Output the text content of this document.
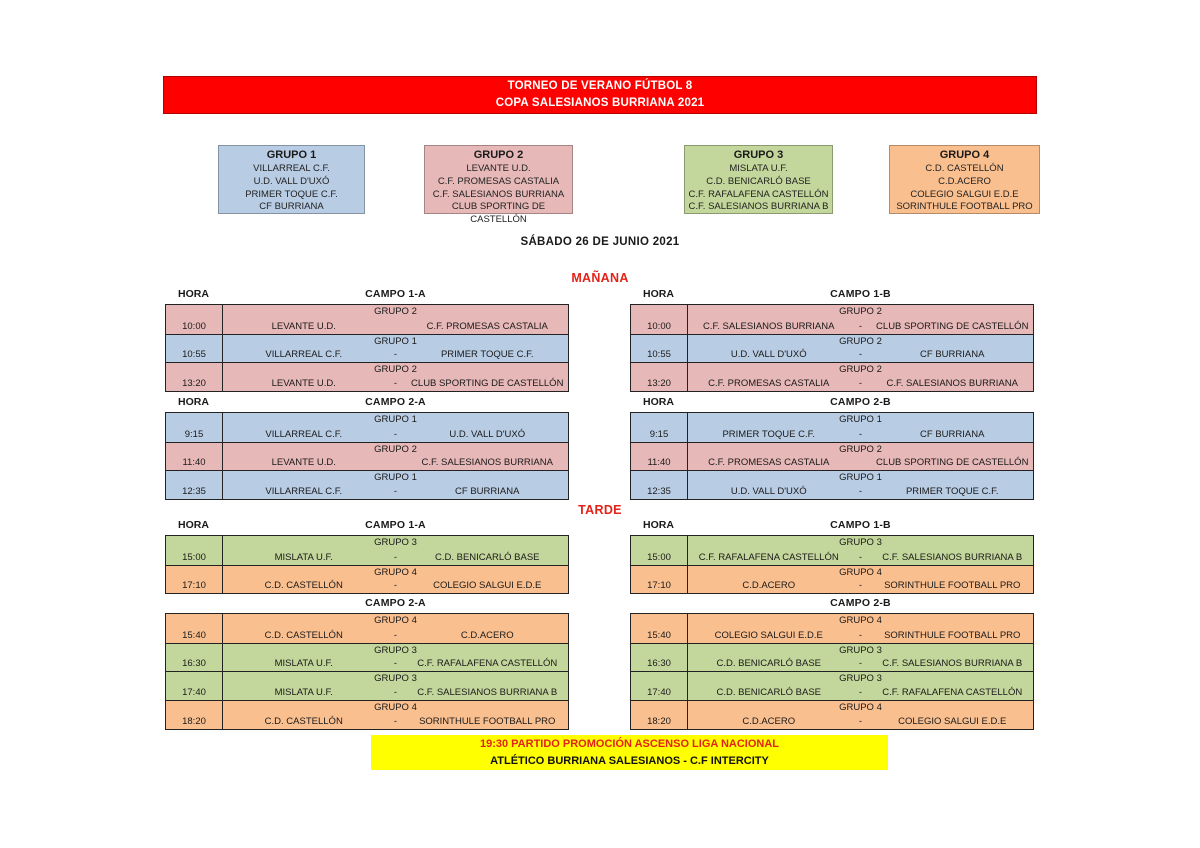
TORNEO DE VERANO FÚTBOL 8
COPA SALESIANOS BURRIANA 2021
GRUPO 1
VILLARREAL C.F.
U.D. VALL D'UXÓ
PRIMER TOQUE C.F.
CF BURRIANA
GRUPO 2
LEVANTE U.D.
C.F. PROMESAS CASTALIA
C.F. SALESIANOS BURRIANA
CLUB SPORTING DE CASTELLÓN
GRUPO 3
MISLATA U.F.
C.D. BENICARLÓ BASE
C.F. RAFALAFENA CASTELLÓN
C.F. SALESIANOS BURRIANA B
GRUPO 4
C.D. CASTELLÓN
C.D.ACERO
COLEGIO SALGUI E.D.E
SORINTHULE FOOTBALL PRO
SÁBADO 26 DE JUNIO 2021
MAÑANA
HORA	CAMPO 1-A
10:00
GRUPO 2
LEVANTE U.D.	C.F. PROMESAS CASTALIA
10:55
GRUPO 1
VILLARREAL C.F.	-	PRIMER TOQUE C.F.
13:20
GRUPO 2
LEVANTE U.D.	-	CLUB SPORTING DE CASTELLÓN
HORA	CAMPO 1-B
10:00
GRUPO 2
C.F. SALESIANOS BURRIANA	-	CLUB SPORTING DE CASTELLÓN
10:55
GRUPO 2
U.D. VALL D'UXÓ	-	CF BURRIANA
13:20
GRUPO 2
C.F. PROMESAS CASTALIA	-	C.F. SALESIANOS BURRIANA
HORA	CAMPO 2-A
9:15
GRUPO 1
VILLARREAL C.F.	-	U.D. VALL D'UXÓ
11:40
GRUPO 2
LEVANTE U.D.	C.F. SALESIANOS BURRIANA
12:35
GRUPO 1
VILLARREAL C.F.	-	CF BURRIANA
HORA	CAMPO 2-B
9:15
GRUPO 1
PRIMER TOQUE C.F.	-	CF BURRIANA
11:40
GRUPO 2
C.F. PROMESAS CASTALIA	CLUB SPORTING DE CASTELLÓN
12:35
GRUPO 1
U.D. VALL D'UXÓ	-	PRIMER TOQUE C.F.
TARDE
HORA	CAMPO 1-A
15:00
GRUPO 3
MISLATA U.F.	-	C.D. BENICARLÓ BASE
17:10
GRUPO 4
C.D. CASTELLÓN	-	COLEGIO SALGUI E.D.E
HORA	CAMPO 1-B
15:00
GRUPO 3
C.F. RAFALAFENA CASTELLÓN	-	C.F. SALESIANOS BURRIANA B
17:10
GRUPO 4
C.D.ACERO	-	SORINTHULE FOOTBALL PRO
CAMPO 2-A
15:40
GRUPO 4
C.D. CASTELLÓN	-	C.D.ACERO
16:30
GRUPO 3
MISLATA U.F.	-	C.F. RAFALAFENA CASTELLÓN
17:40
GRUPO 3
MISLATA U.F.	-	C.F. SALESIANOS BURRIANA B
18:20
GRUPO 4
C.D. CASTELLÓN	-	SORINTHULE FOOTBALL PRO
CAMPO 2-B
15:40
GRUPO 4
COLEGIO SALGUI E.D.E	-	SORINTHULE FOOTBALL PRO
16:30
GRUPO 3
C.D. BENICARLÓ BASE	-	C.F. SALESIANOS BURRIANA B
17:40
GRUPO 3
C.D. BENICARLÓ BASE	-	C.F. RAFALAFENA CASTELLÓN
18:20
GRUPO 4
C.D.ACERO	-	COLEGIO SALGUI E.D.E
19:30 PARTIDO PROMOCIÓN ASCENSO LIGA NACIONAL
ATLÉTICO BURRIANA SALESIANOS - C.F INTERCITY
